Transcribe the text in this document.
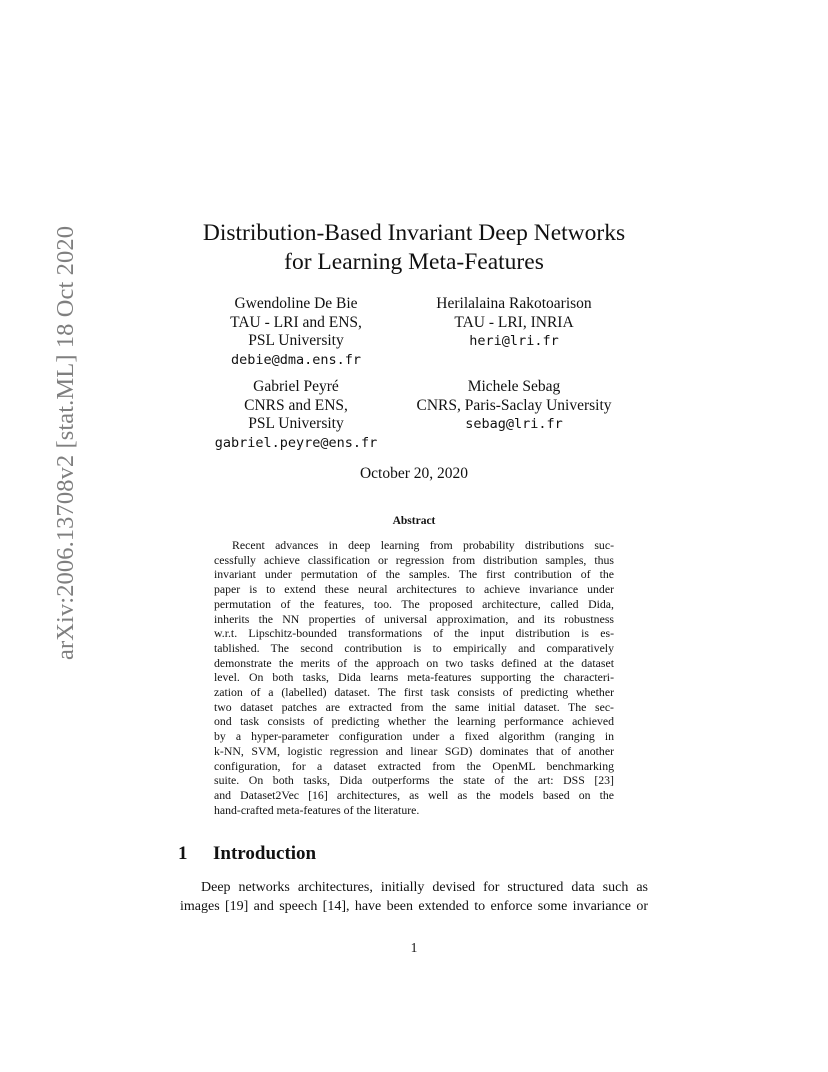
arXiv:2006.13708v2 [stat.ML] 18 Oct 2020	Distribution-Based Invariant Deep Networks
for Learning Meta-Features
Gwendoline De Bie
TAU - LRI and ENS,
PSL University
debie@dma.ens.fr
Herilalaina Rakotoarison
TAU - LRI, INRIA
heri@lri.fr
Gabriel Peyré
CNRS and ENS,
PSL University
gabriel.peyre@ens.fr
Michele Sebag
CNRS, Paris-Saclay University
sebag@lri.fr
October 20, 2020
Abstract
Recent advances in deep learning from probability distributions suc-
cessfully achieve classification or regression from distribution samples, thus
invariant under permutation of the samples. The first contribution of the
paper is to extend these neural architectures to achieve invariance under
permutation of the features, too. The proposed architecture, called Dida,
inherits the NN properties of universal approximation, and its robustness
w.r.t. Lipschitz-bounded transformations of the input distribution is es-
tablished. The second contribution is to empirically and comparatively
demonstrate the merits of the approach on two tasks defined at the dataset
level. On both tasks, Dida learns meta-features supporting the characteri-
zation of a (labelled) dataset. The first task consists of predicting whether
two dataset patches are extracted from the same initial dataset. The sec-
ond task consists of predicting whether the learning performance achieved
by a hyper-parameter configuration under a fixed algorithm (ranging in
k-NN, SVM, logistic regression and linear SGD) dominates that of another
configuration, for a dataset extracted from the OpenML benchmarking
suite. On both tasks, Dida outperforms the state of the art: DSS [23]
and Dataset2Vec [16] architectures, as well as the models based on the
hand-crafted meta-features of the literature.
1 Introduction
Deep networks architectures, initially devised for structured data such as
images [19] and speech [14], have been extended to enforce some invariance or
1
